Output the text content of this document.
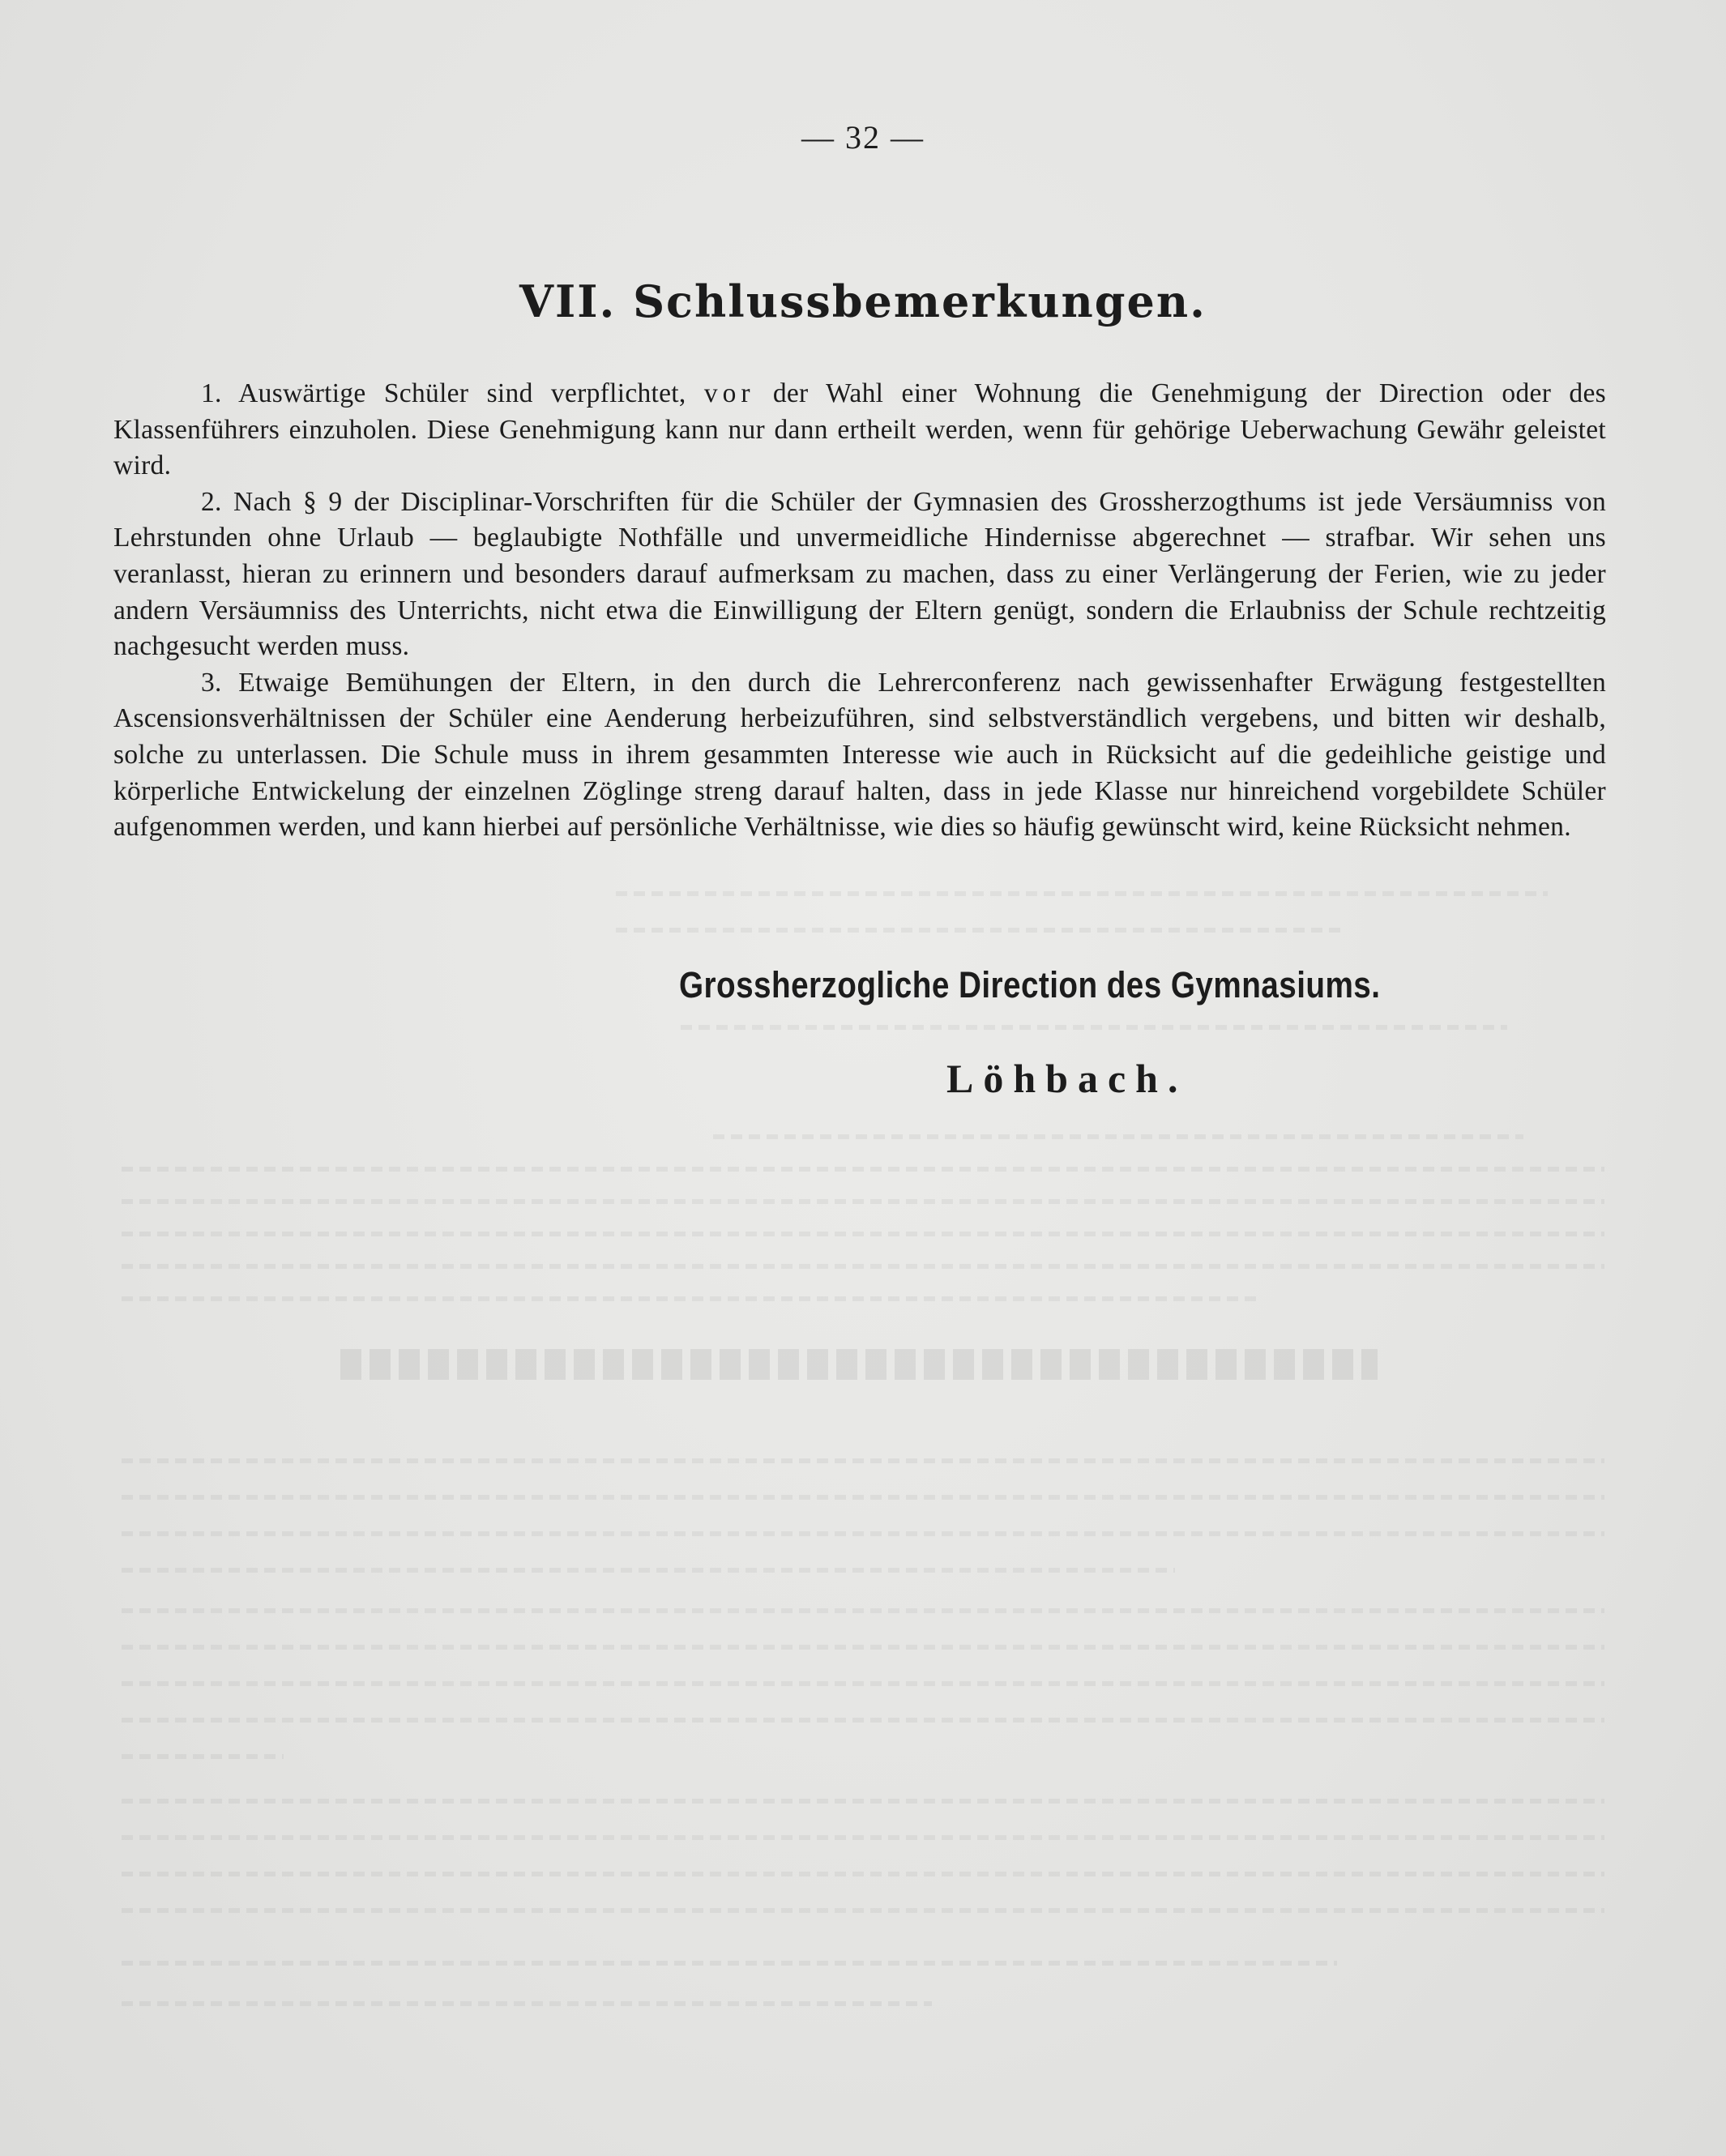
— 32 —
VII. Schlussbemerkungen.

1. Auswärtige Schüler sind verpflichtet, vor der Wahl einer Wohnung die Genehmigung der Direction oder des Klassenführers einzuholen. Diese Genehmigung kann nur dann ertheilt werden, wenn für gehörige Ueberwachung Gewähr geleistet wird.

2. Nach § 9 der Disciplinar-Vorschriften für die Schüler der Gymnasien des Grossherzogthums ist jede Versäumniss von Lehrstunden ohne Urlaub — beglaubigte Nothfälle und unvermeidliche Hindernisse abgerechnet — strafbar. Wir sehen uns veranlasst, hieran zu erinnern und besonders darauf aufmerksam zu machen, dass zu einer Verlängerung der Ferien, wie zu jeder andern Versäumniss des Unterrichts, nicht etwa die Einwilligung der Eltern genügt, sondern die Erlaubniss der Schule rechtzeitig nachgesucht werden muss.

3. Etwaige Bemühungen der Eltern, in den durch die Lehrerconferenz nach gewissenhafter Erwägung festgestellten Ascensionsverhältnissen der Schüler eine Aenderung herbeizuführen, sind selbstverständlich vergebens, und bitten wir deshalb, solche zu unterlassen. Die Schule muss in ihrem gesammten Interesse wie auch in Rücksicht auf die gedeihliche geistige und körperliche Entwickelung der einzelnen Zöglinge streng darauf halten, dass in jede Klasse nur hinreichend vorgebildete Schüler aufgenommen werden, und kann hierbei auf persönliche Verhältnisse, wie dies so häufig gewünscht wird, keine Rücksicht nehmen.

Grossherzogliche Direction des Gymnasiums.
Löhbach.
